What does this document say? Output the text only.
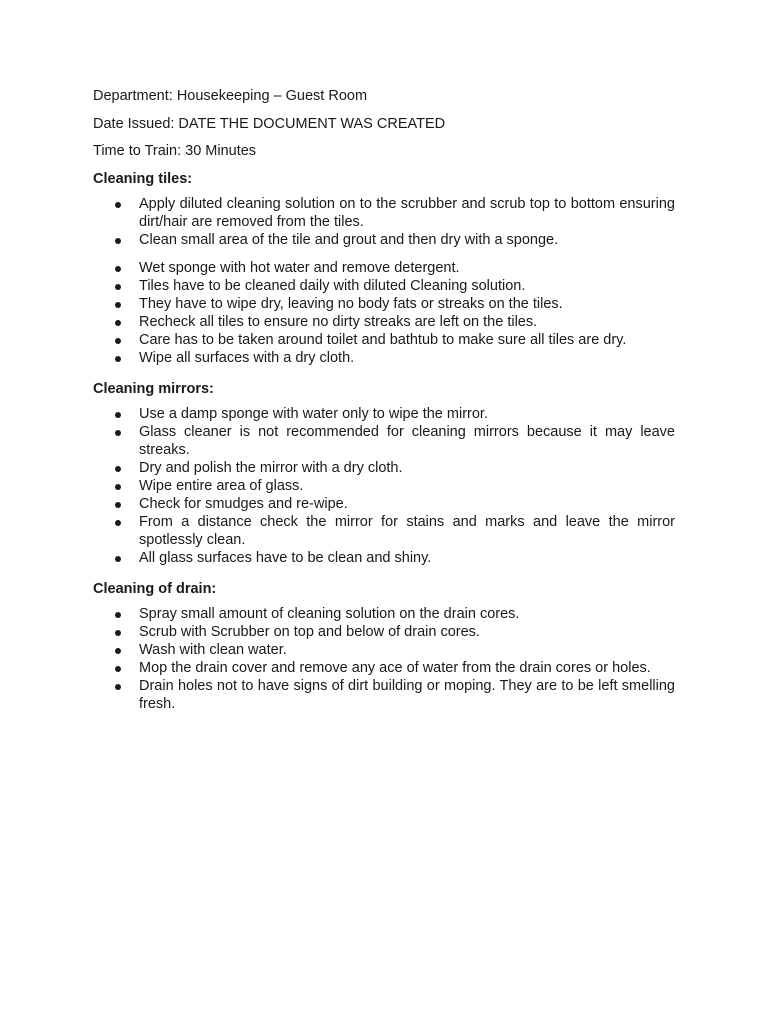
Department: Housekeeping – Guest Room
Date Issued: DATE THE DOCUMENT WAS CREATED
Time to Train: 30 Minutes
Cleaning tiles:
Apply diluted cleaning solution on to the scrubber and scrub top to bottom ensuring dirt/hair are removed from the tiles.
Clean small area of the tile and grout and then dry with a sponge.
Wet sponge with hot water and remove detergent.
Tiles have to be cleaned daily with diluted Cleaning solution.
They have to wipe dry, leaving no body fats or streaks on the tiles.
Recheck all tiles to ensure no dirty streaks are left on the tiles.
Care has to be taken around toilet and bathtub to make sure all tiles are dry.
Wipe all surfaces with a dry cloth.
Cleaning mirrors:
Use a damp sponge with water only to wipe the mirror.
Glass cleaner is not recommended for cleaning mirrors because it may leave streaks.
Dry and polish the mirror with a dry cloth.
Wipe entire area of glass.
Check for smudges and re-wipe.
From a distance check the mirror for stains and marks and leave the mirror spotlessly clean.
All glass surfaces have to be clean and shiny.
Cleaning of drain:
Spray small amount of cleaning solution on the drain cores.
Scrub with Scrubber on top and below of drain cores.
Wash with clean water.
Mop the drain cover and remove any ace of water from the drain cores or holes.
Drain holes not to have signs of dirt building or moping. They are to be left smelling fresh.
